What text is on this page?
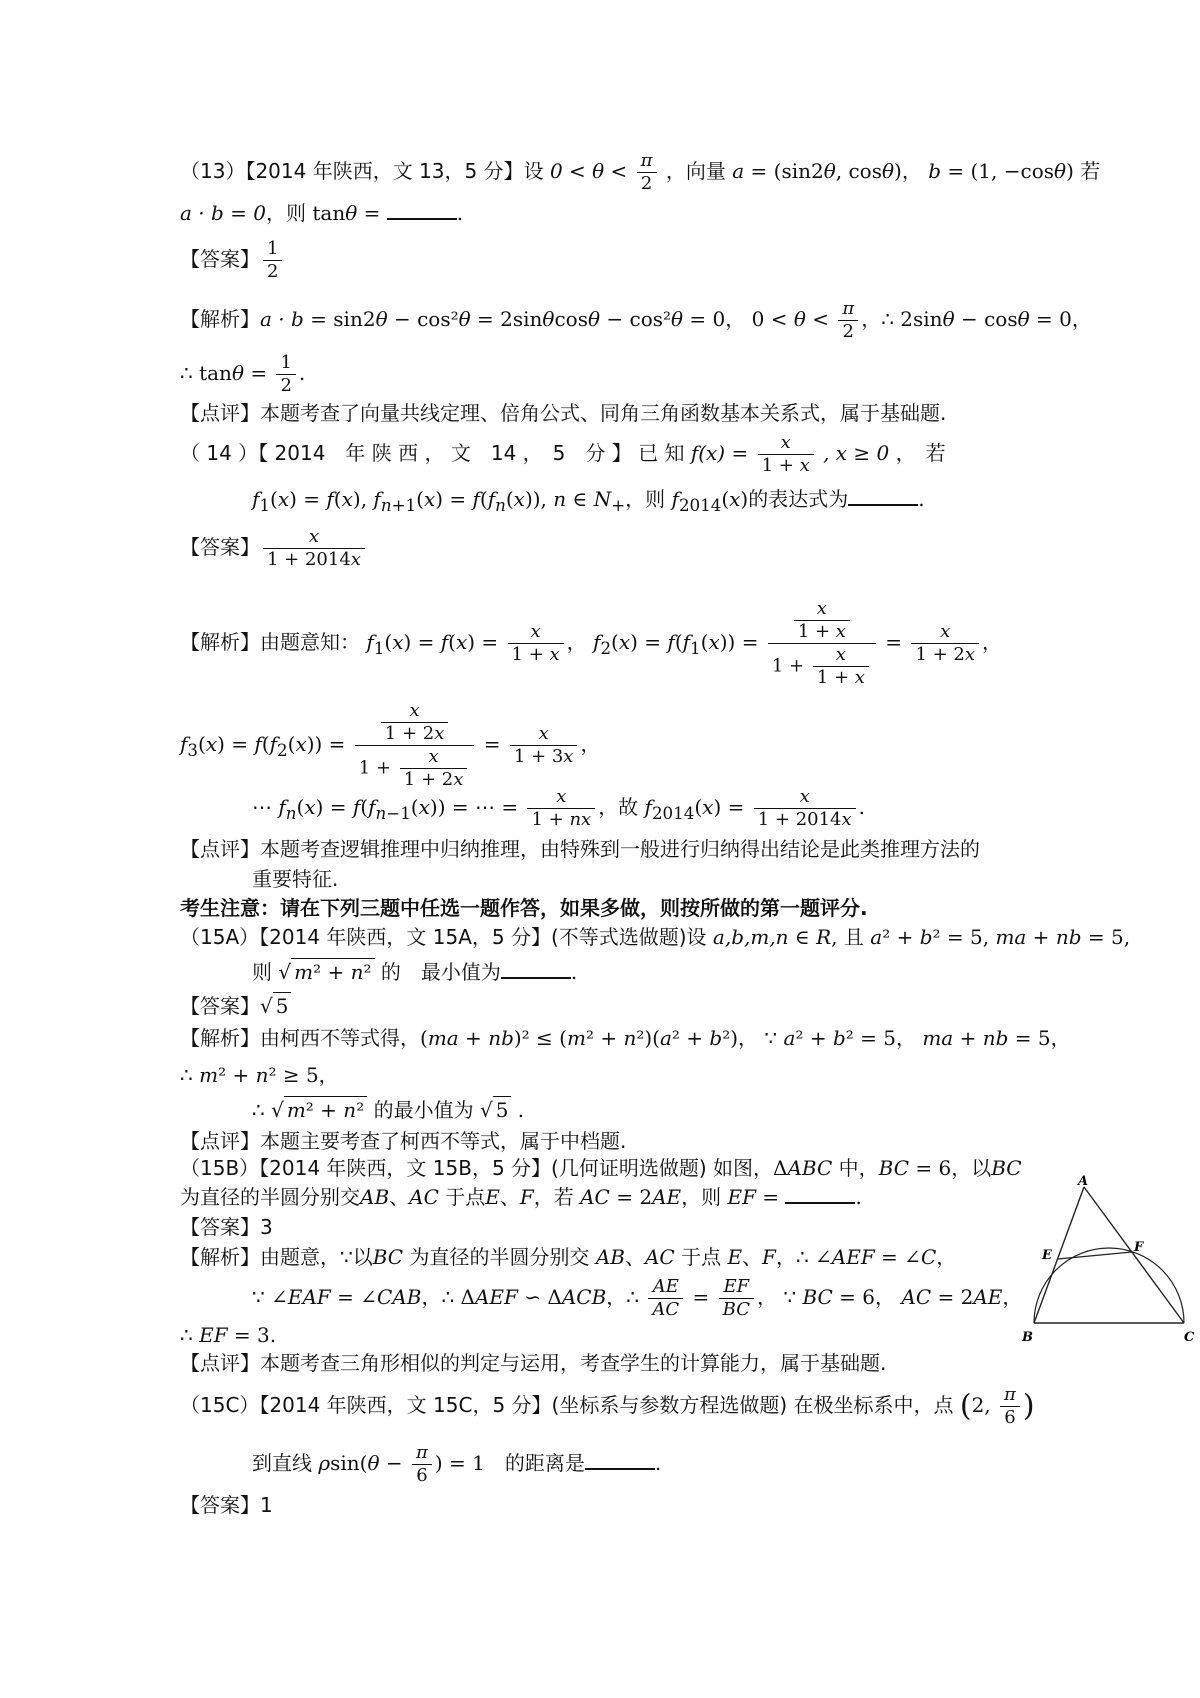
（13）【2014 年陕西，文 13，5 分】设 $0 < \theta < \frac{\pi}{2}$ ，向量 a = (sin2θ, cosθ)， b = (1, −cosθ) 若
a · b = 0，则 tanθ =	.
【答案】 $\frac{1}{2}$
【解析】a · b = sin2θ − cos²θ = 2sinθcosθ − cos²θ = 0， $0 < \theta < \frac{\pi}{2}$ ，∴ 2sinθ − cosθ = 0，
∴ $\tan\theta = \frac{1}{2}$ .
【点评】本题考查了向量共线定理、倍角公式、同角三角函数基本关系式，属于基础题.
（ 14 ）【 2014　年 陕 西 ， 文　14 ，　5　分 】 已 知 $f(x) = \frac{x}{1 + x}$ , x ≥ 0 ，　若
$f_1(x) = f(x)$, $f_{n+1}(x) = f(f_n(x))$, n ∈ $N_+$，则 $f_{2014}(x)$的表达式为	.
【答案】 $\frac{x}{1 + 2014x}$
【解析】由题意知： $f_1(x) = f(x) = \frac{x}{1 + x}$ ， $f_2(x) = f(f_1(x)) = \frac{\frac{x}{1 + x}}{1 + \frac{x}{1 + x}} = \frac{x}{1 + 2x}$ ，
$f_3(x) = f(f_2(x)) = \frac{\frac{x}{1 + 2x}}{1 + \frac{x}{1 + 2x}} = \frac{x}{1 + 3x}$ ，
⋯ $f_n(x) = f(f_{n-1}(x))$ = ⋯ = $\frac{x}{1 + nx}$ ，故 $f_{2014}(x) = \frac{x}{1 + 2014x}$ .
【点评】本题考查逻辑推理中归纳推理，由特殊到一般进行归纳得出结论是此类推理方法的
重要特征.
考生注意：请在下列三题中任选一题作答，如果多做，则按所做的第一题评分.
（15A）【2014 年陕西，文 15A，5 分】(不等式选做题)设 a,b,m,n ∈ R, 且 a² + b² = 5, ma + nb = 5,
则 √ m² + n² 的　最小值为	.
【答案】√ 5
【解析】由柯西不等式得，(ma + nb)² ≤ (m² + n²)(a² + b²)， ∵ a² + b² = 5， ma + nb = 5，
∴ m² + n² ≥ 5，
∴ √ m² + n² 的最小值为 √ 5 .
【点评】本题主要考查了柯西不等式，属于中档题.
（15B）【2014 年陕西，文 15B，5 分】(几何证明选做题) 如图，ΔABC 中，BC = 6，以BC
为直径的半圆分别交AB、AC 于点E、F，若 AC = 2AE，则 EF =	.
【答案】3
【解析】由题意，∵以BC 为直径的半圆分别交 AB、AC 于点 E、F，∴ ∠AEF = ∠C，
∵ ∠EAF = ∠CAB，∴ ΔAEF ∽ ΔACB，∴ $\frac{AE}{AC} = \frac{EF}{BC}$ ， ∵ BC = 6， AC = 2AE，
∴ EF = 3.
【点评】本题考查三角形相似的判定与运用，考查学生的计算能力，属于基础题.
（15C）【2014 年陕西，文 15C，5 分】(坐标系与参数方程选做题) 在极坐标系中，点 (2, $\frac{\pi}{6}$ )
到直线 $\rho\sin(\theta - \frac{\pi}{6}$ ) = 1　的距离是	.
【答案】1
A
B	C
E
F
